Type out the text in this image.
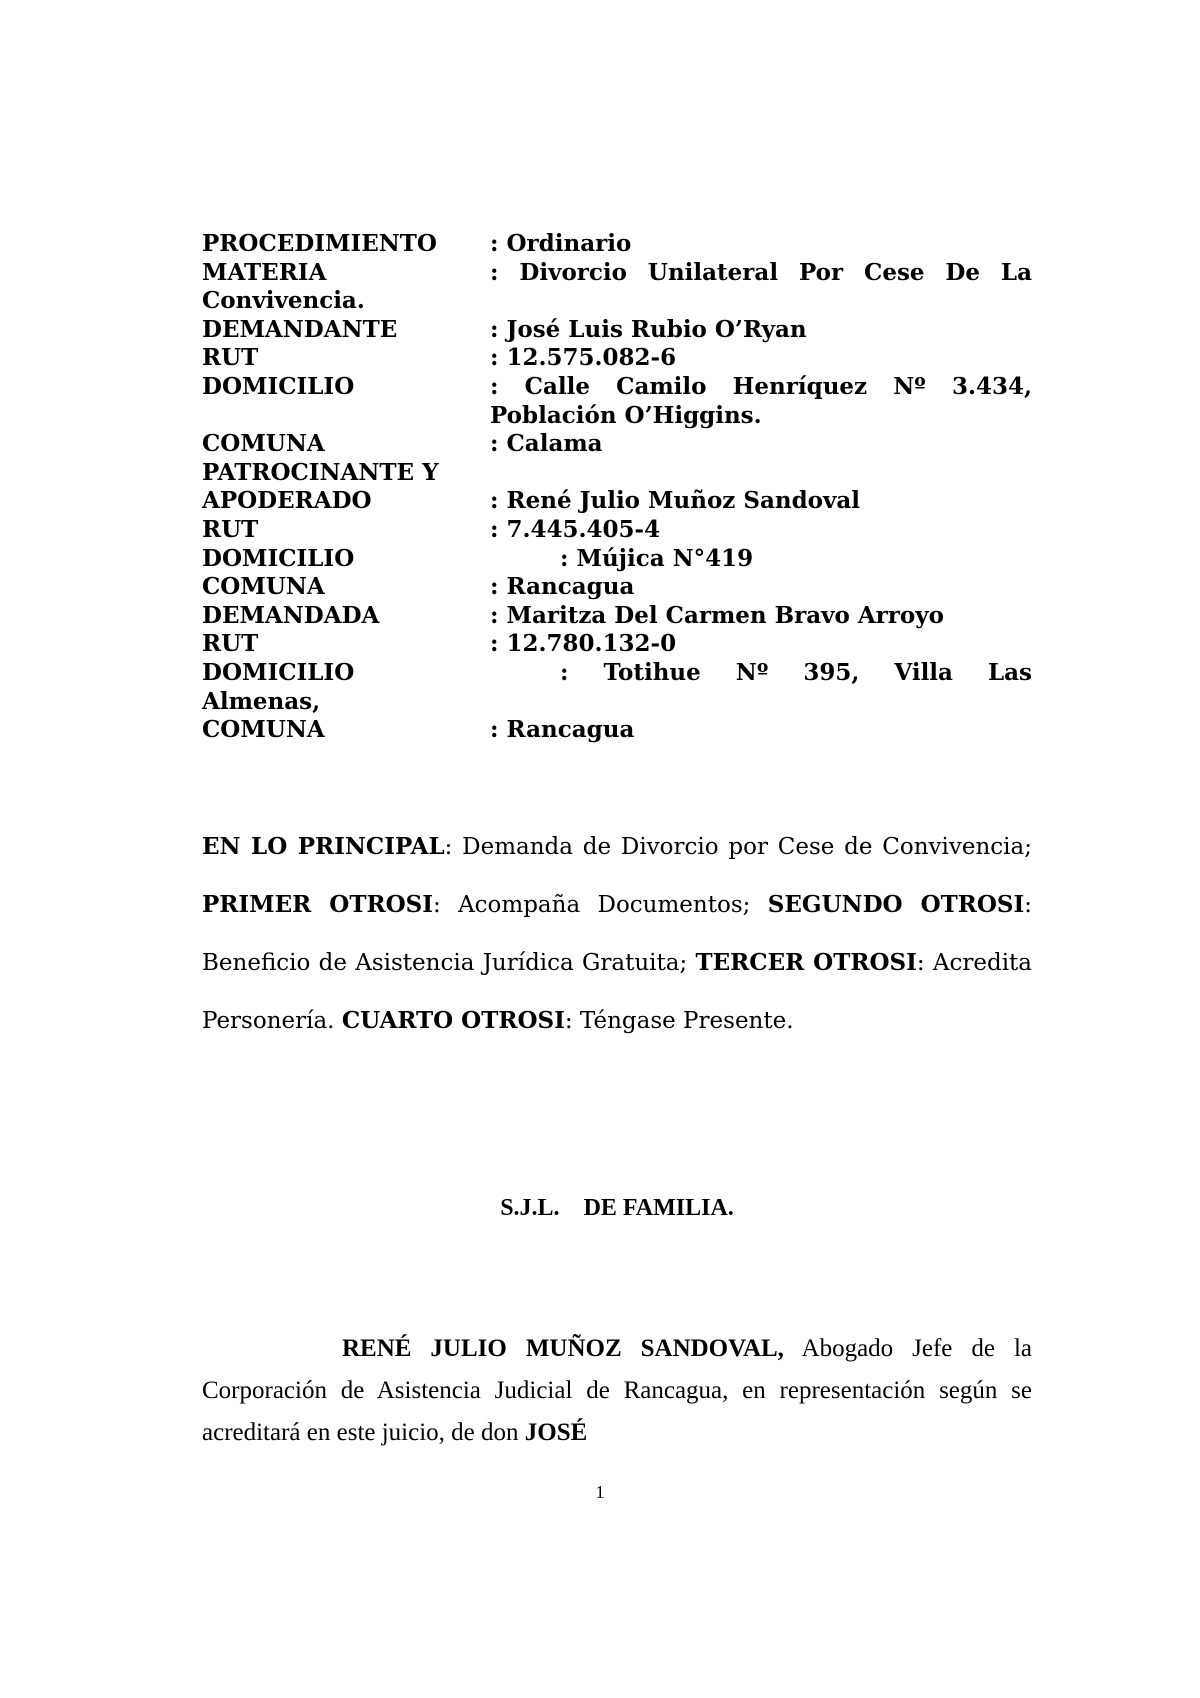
PROCEDIMIENTO	: Ordinario
MATERIA	: Divorcio Unilateral Por Cese De La
Convivencia.
DEMANDANTE	: José Luis Rubio O’Ryan
RUT	: 12.575.082-6
DOMICILIO	: Calle Camilo Henríquez Nº 3.434,
Población O’Higgins.
COMUNA	: Calama
PATROCINANTE Y
APODERADO	: René Julio Muñoz Sandoval
RUT	: 7.445.405-4
DOMICILIO	: Mújica N°419
COMUNA	: Rancagua
DEMANDADA	: Maritza Del Carmen Bravo Arroyo
RUT	: 12.780.132-0
DOMICILIO	: Totihue Nº 395, Villa Las
Almenas,
COMUNA	: Rancagua

EN LO PRINCIPAL: Demanda de Divorcio por Cese de Convivencia; PRIMER OTROSI: Acompaña Documentos; SEGUNDO OTROSI: Beneficio de Asistencia Jurídica Gratuita; TERCER OTROSI: Acredita Personería. CUARTO OTROSI: Téngase Presente.

S.J.L. DE FAMILIA.

RENÉ JULIO MUÑOZ SANDOVAL, Abogado Jefe de la Corporación de Asistencia Judicial de Rancagua, en representación según se acreditará en este juicio, de don JOSÉ

1
